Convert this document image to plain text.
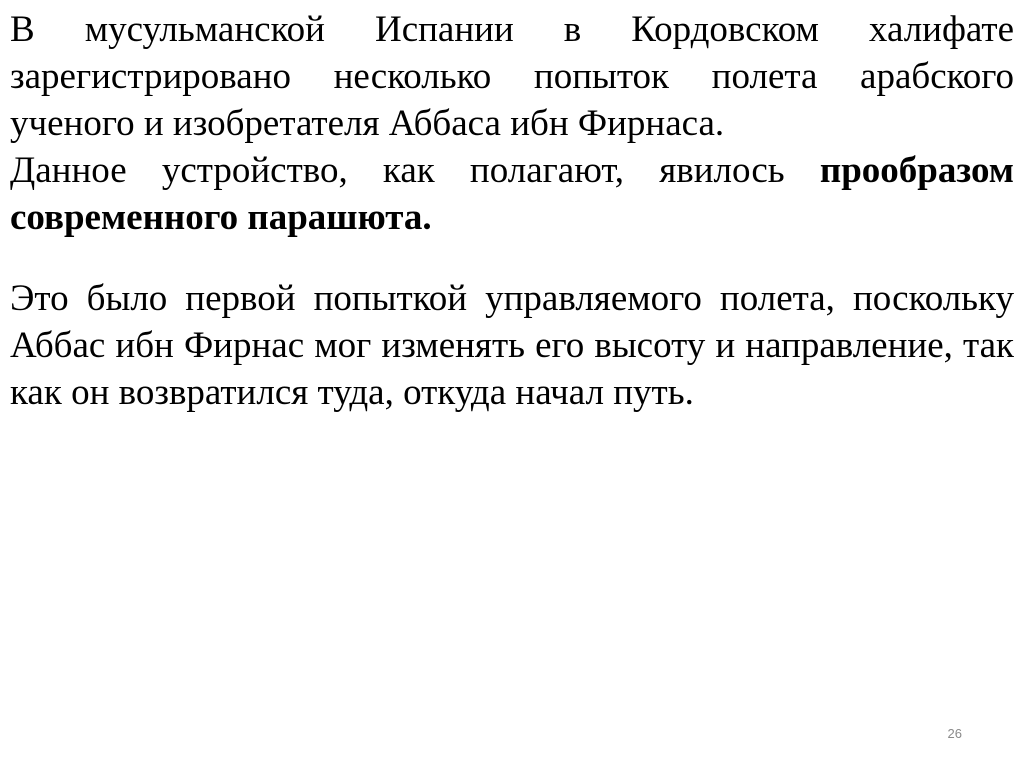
В мусульманской Испании в Кордовском халифате зарегистрировано несколько попыток полета арабского ученого и изобретателя Аббаса ибн Фирнаса.

Данное устройство, как полагают, явилось прообразом современного парашюта.

Это было первой попыткой управляемого полета, поскольку Аббас ибн Фирнас мог изменять его высоту и направление, так как он возвратился туда, откуда начал путь.

26
